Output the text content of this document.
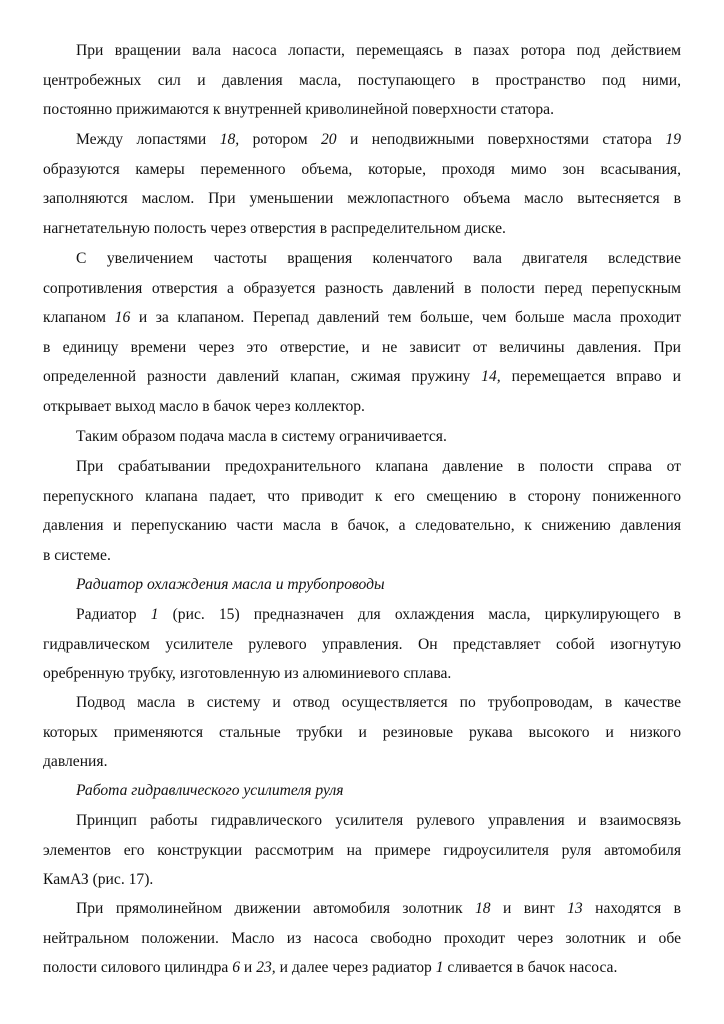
При вращении вала насоса лопасти, перемещаясь в пазах ротора под действием
центробежных сил и давления масла, поступающего в пространство под ними,
постоянно прижимаются к внутренней криволинейной поверхности статора.

Между лопастями 18, ротором 20 и неподвижными поверхностями статора 19
образуются камеры переменного объема, которые, проходя мимо зон всасывания,
заполняются маслом. При уменьшении межлопастного объема масло вытесняется в
нагнетательную полость через отверстия в распределительном диске.

С увеличением частоты вращения коленчатого вала двигателя вследствие
сопротивления отверстия а образуется разность давлений в полости перед перепускным
клапаном 16 и за клапаном. Перепад давлений тем больше, чем больше масла проходит
в единицу времени через это отверстие, и не зависит от величины давления. При
определенной разности давлений клапан, сжимая пружину 14, перемещается вправо и
открывает выход масло в бачок через коллектор.

Таким образом подача масла в систему ограничивается.

При срабатывании предохранительного клапана давление в полости справа от
перепускного клапана падает, что приводит к его смещению в сторону пониженного
давления и перепусканию части масла в бачок, а следовательно, к снижению давления
в системе.

Радиатор охлаждения масла и трубопроводы

Радиатор 1 (рис. 15) предназначен для охлаждения масла, циркулирующего в
гидравлическом усилителе рулевого управления. Он представляет собой изогнутую
оребренную трубку, изготовленную из алюминиевого сплава.

Подвод масла в систему и отвод осуществляется по трубопроводам, в качестве
которых применяются стальные трубки и резиновые рукава высокого и низкого
давления.

Работа гидравлического усилителя руля

Принцип работы гидравлического усилителя рулевого управления и взаимосвязь
элементов его конструкции рассмотрим на примере гидроусилителя руля автомобиля
КамАЗ (рис. 17).

При прямолинейном движении автомобиля золотник 18 и винт 13 находятся в
нейтральном положении. Масло из насоса свободно проходит через золотник и обе
полости силового цилиндра 6 и 23, и далее через радиатор 1 сливается в бачок насоса.
